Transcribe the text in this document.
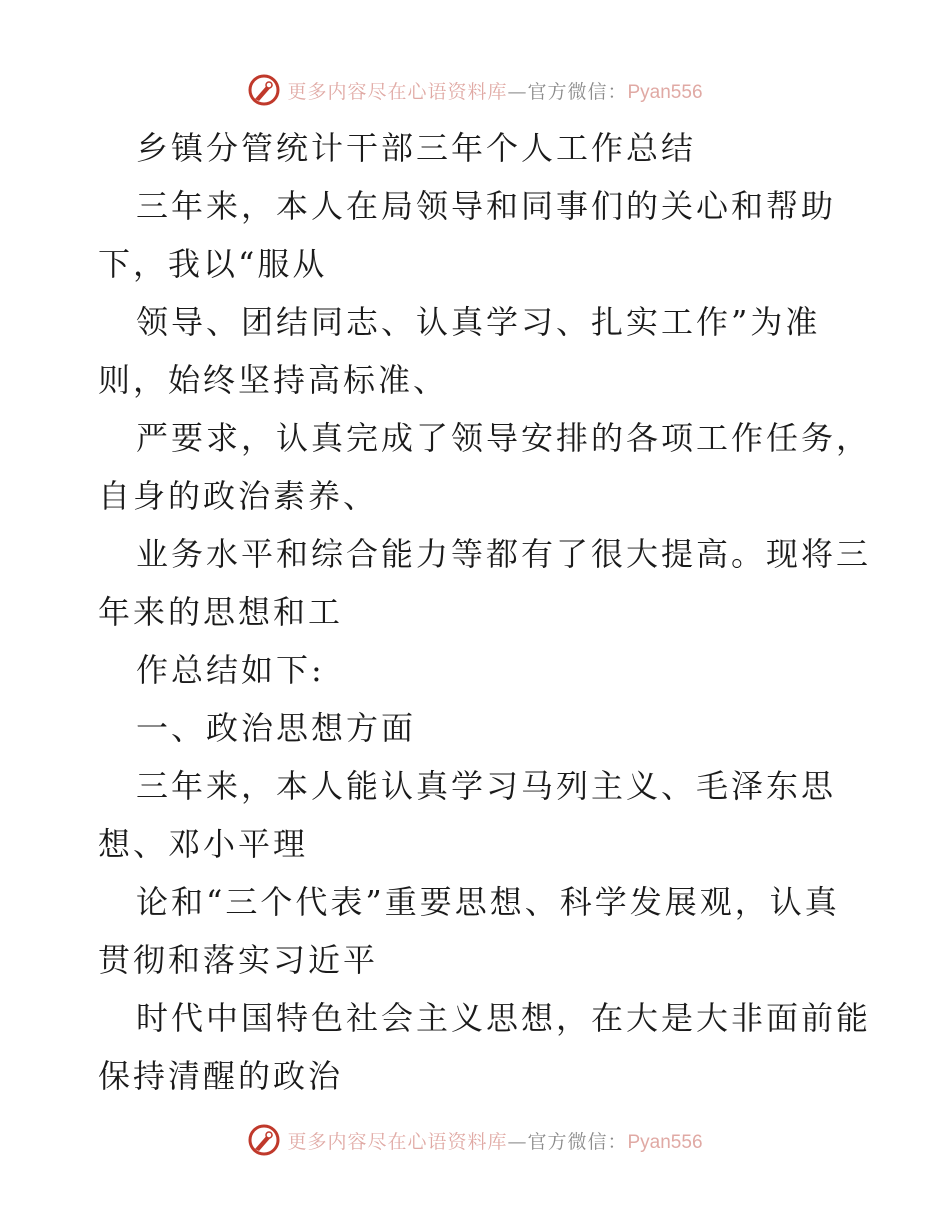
更多内容尽在心语资料库—官方微信：Pyan556
乡镇分管统计干部三年个人工作总结
三年来，本人在局领导和同事们的关心和帮助
下，我以“服从
领导、团结同志、认真学习、扎实工作”为准
则，始终坚持高标准、
严要求，认真完成了领导安排的各项工作任务，
自身的政治素养、
业务水平和综合能力等都有了很大提高。现将三
年来的思想和工
作总结如下:
一、政治思想方面
三年来，本人能认真学习马列主义、毛泽东思
想、邓小平理
论和“三个代表”重要思想、科学发展观，认真
贯彻和落实习近平
时代中国特色社会主义思想，在大是大非面前能
保持清醒的政治
更多内容尽在心语资料库—官方微信：Pyan556
